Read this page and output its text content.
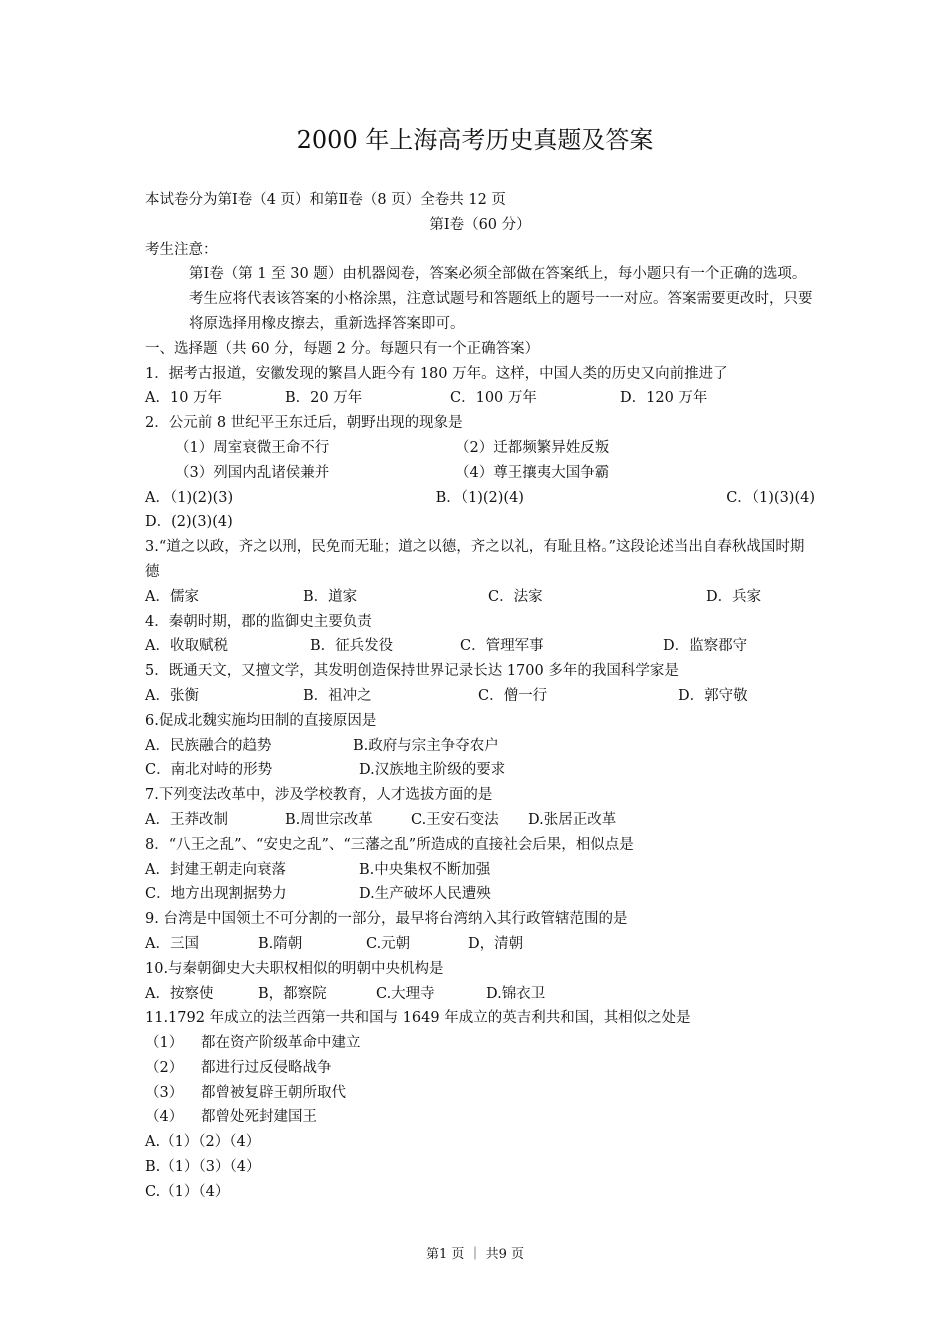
2000 年上海高考历史真题及答案
本试卷分为第Ⅰ卷（4 页）和第Ⅱ卷（8 页）全卷共 12 页
第Ⅰ卷（60 分）
考生注意：
第Ⅰ卷（第 1 至 30 题）由机器阅卷，答案必须全部做在答案纸上，每小题只有一个正确的选项。考生应将代表该答案的小格涂黑，注意试题号和答题纸上的题号一一对应。答案需要更改时，只要将原选择用橡皮擦去，重新选择答案即可。
一、选择题（共 60 分，每题 2 分。每题只有一个正确答案）
1．据考古报道，安徽发现的繁昌人距今有 180 万年。这样，中国人类的历史又向前推进了
A．10 万年	B．20 万年	C．100 万年	D．120 万年
2．公元前 8 世纪平王东迁后，朝野出现的现象是
（1）周室衰微王命不行	（2）迁都频繁异姓反叛
（3）列国内乱诸侯兼并	（4）尊王攘夷大国争霸
A．（1)(2)(3)	B．（1)(2)(4)	C．（1)(3)(4)
D．(2)(3)(4)
3.“道之以政，齐之以刑，民免而无耻；道之以德，齐之以礼，有耻且格。”这段论述当出自春秋战国时期德
A．儒家	B．道家	C．法家	D．兵家
4．秦朝时期，郡的监御史主要负责
A．收取赋税	B．征兵发役	C．管理军事	D．监察郡守
5．既通天文，又擅文学，其发明创造保持世界记录长达 1700 多年的我国科学家是
A．张衡	B．祖冲之	C．僧一行	D．郭守敬
6.促成北魏实施均田制的直接原因是
A．民族融合的趋势	B.政府与宗主争夺农户
C．南北对峙的形势	D.汉族地主阶级的要求
7.下列变法改革中，涉及学校教育，人才选拔方面的是
A．王莽改制	B.周世宗改革	C.王安石变法	D.张居正改革
8．“八王之乱”、“安史之乱”、“三藩之乱”所造成的直接社会后果，相似点是
A．封建王朝走向衰落	B.中央集权不断加强
C．地方出现割据势力	D.生产破坏人民遭殃
9. 台湾是中国领土不可分割的一部分，最早将台湾纳入其行政管辖范围的是
A．三国	B.隋朝	C.元朝	D，清朝
10.与秦朝御史大夫职权相似的明朝中央机构是
A．按察使	B，都察院	C.大理寺	D.锦衣卫
11.1792 年成立的法兰西第一共和国与 1649 年成立的英吉利共和国，其相似之处是
（1）	都在资产阶级革命中建立
（2）	都进行过反侵略战争
（3）	都曾被复辟王朝所取代
（4）	都曾处死封建国王
A.（1）（2）（4）
B.（1）（3）（4）
C.（1）（4）
第1 页 ｜ 共9 页
